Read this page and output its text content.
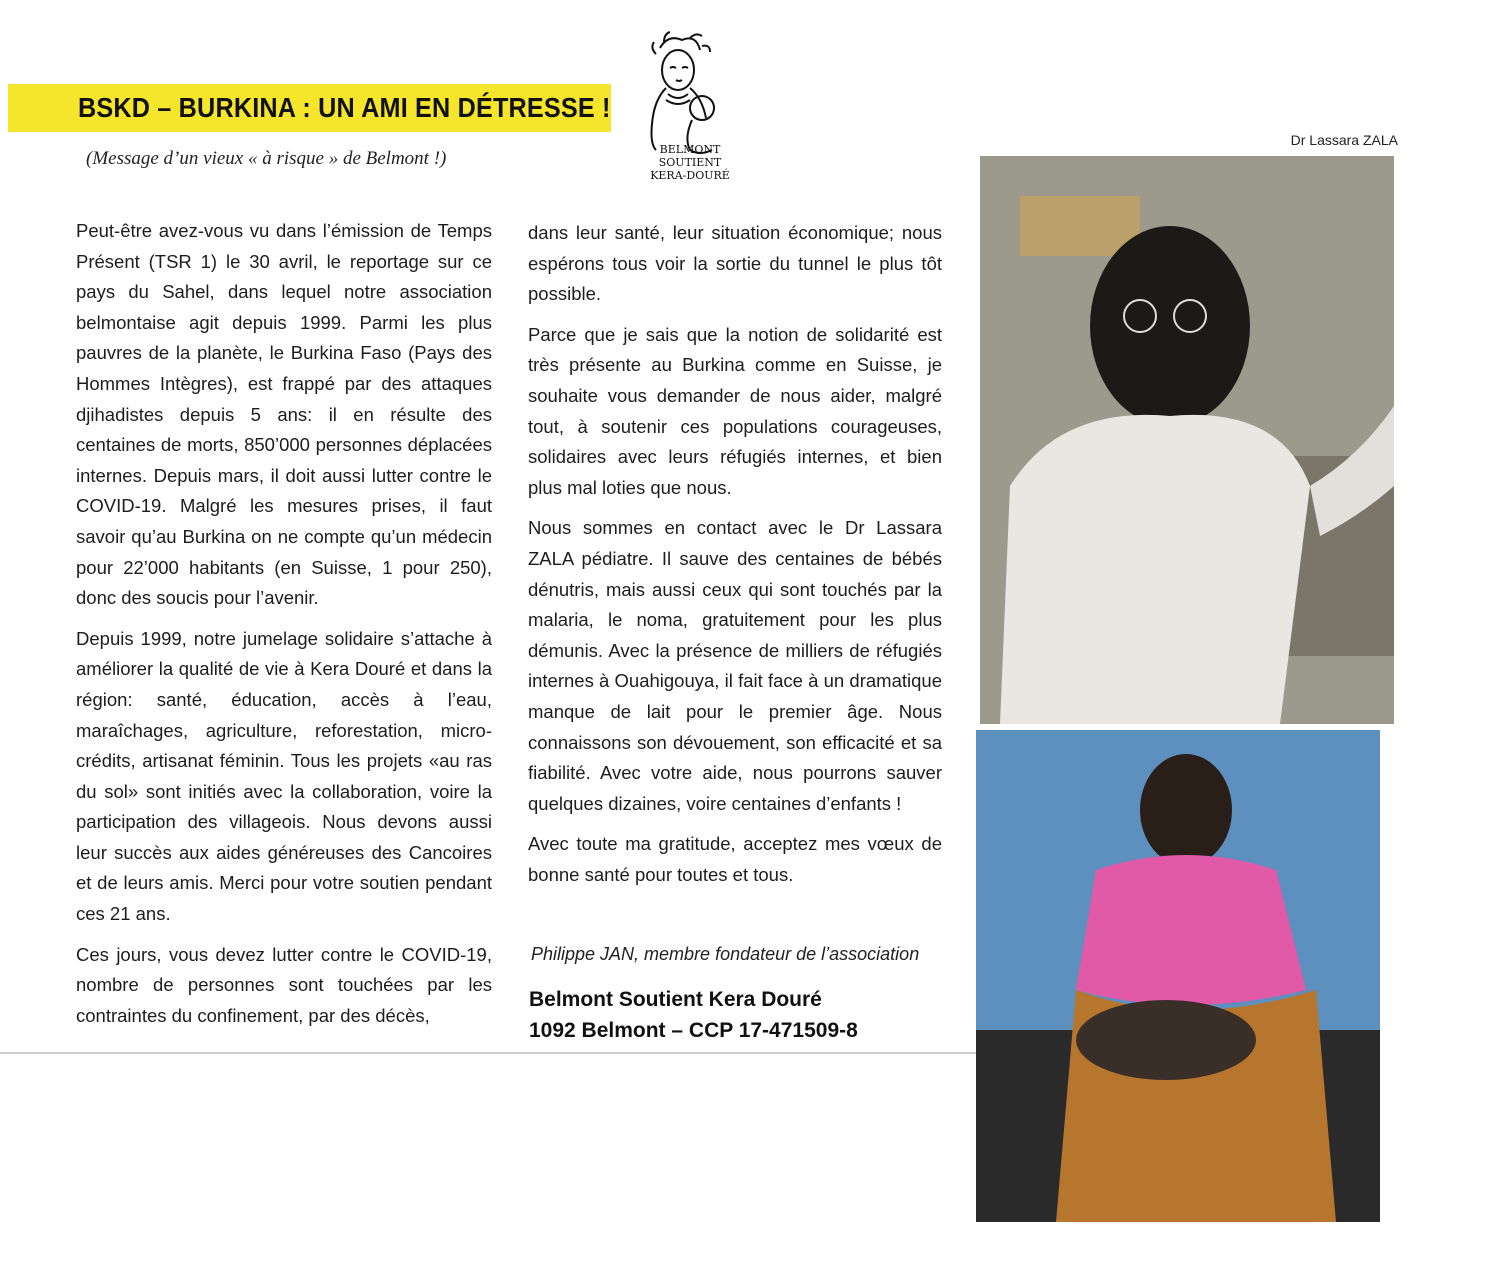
BSKD – BURKINA : UN AMI EN DÉTRESSE !
(Message d’un vieux « à risque » de Belmont !)	BELMONT
SOUTIENT
KERA-DOURÉ

Peut-être avez-vous vu dans l’émission de Temps Présent (TSR 1) le 30 avril, le reportage sur ce pays du Sahel, dans lequel notre association belmontaise agit depuis 1999. Parmi les plus pauvres de la planète, le Burkina Faso (Pays des Hommes Intègres), est frappé par des attaques djihadistes depuis 5 ans: il en résulte des centaines de morts, 850’000 personnes déplacées internes. Depuis mars, il doit aussi lutter contre le COVID-19. Malgré les mesures prises, il faut savoir qu’au Burkina on ne compte qu’un médecin pour 22’000 habitants (en Suisse, 1 pour 250), donc des soucis pour l’avenir.

Depuis 1999, notre jumelage solidaire s’attache à améliorer la qualité de vie à Kera Douré et dans la région: santé, éducation, accès à l’eau, maraîchages, agriculture, reforestation, micro-crédits, artisanat féminin. Tous les projets «au ras du sol» sont initiés avec la collaboration, voire la participation des villageois. Nous devons aussi leur succès aux aides généreuses des Cancoires et de leurs amis. Merci pour votre soutien pendant ces 21 ans.

Ces jours, vous devez lutter contre le COVID-19, nombre de personnes sont touchées par les contraintes du confinement, par des décès,

dans leur santé, leur situation économique; nous espérons tous voir la sortie du tunnel le plus tôt possible.

Parce que je sais que la notion de solidarité est très présente au Burkina comme en Suisse, je souhaite vous demander de nous aider, malgré tout, à soutenir ces populations courageuses, solidaires avec leurs réfugiés internes, et bien plus mal loties que nous.

Nous sommes en contact avec le Dr Lassara ZALA pédiatre. Il sauve des centaines de bébés dénutris, mais aussi ceux qui sont touchés par la malaria, le noma, gratuitement pour les plus démunis. Avec la présence de milliers de réfugiés internes à Ouahigouya, il fait face à un dramatique manque de lait pour le premier âge. Nous connaissons son dévouement, son efficacité et sa fiabilité. Avec votre aide, nous pourrons sauver quelques dizaines, voire centaines d’enfants !

Avec toute ma gratitude, acceptez mes vœux de bonne santé pour toutes et tous.

Philippe JAN, membre fondateur de l’association
Belmont Soutient Kera Douré
1092 Belmont – CCP 17-471509-8
Dr Lassara ZALA
